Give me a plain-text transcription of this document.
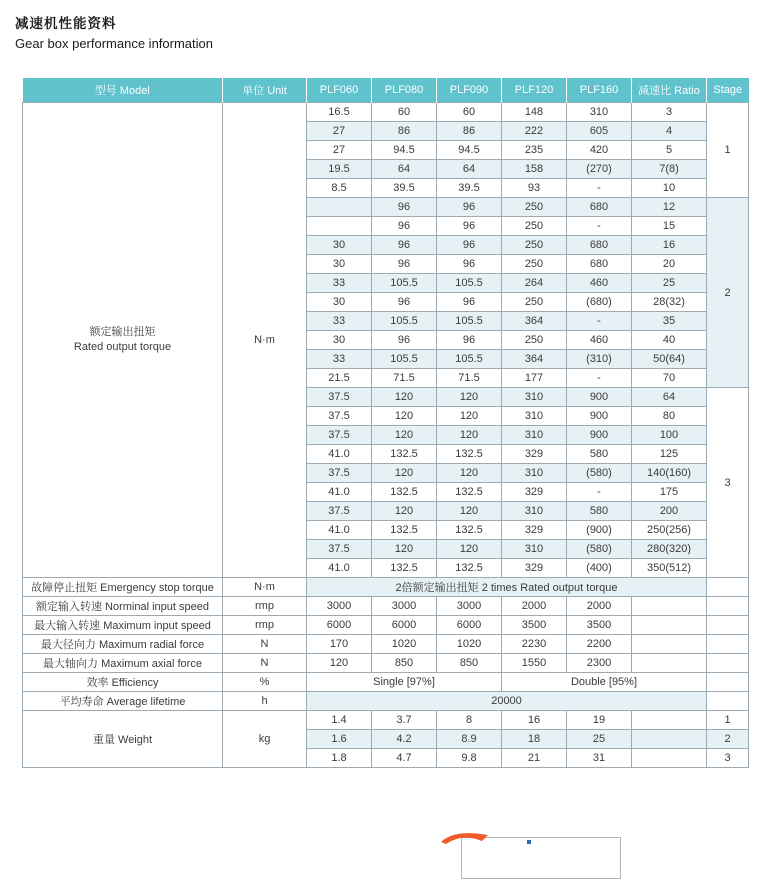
减速机性能资料
Gear box performance information
型号 Model	单位 Unit	PLF060	PLF080	PLF090	PLF120	PLF160	减速比 Ratio	Stage

额定输出扭矩
Rated output torque	N·m	16.5	60	60	148	310	3	1
		27	86	86	222	605	4	
		27	94.5	94.5	235	420	5	
		19.5	64	64	158	(270)	7(8)	
		8.5	39.5	39.5	93	-	10	
			96	96	250	680	12	2
			96	96	250	-	15	
		30	96	96	250	680	16	
		30	96	96	250	680	20	
		33	105.5	105.5	264	460	25	
		30	96	96	250	(680)	28(32)	
		33	105.5	105.5	364	-	35	
		30	96	96	250	460	40	
		33	105.5	105.5	364	(310)	50(64)	
		21.5	71.5	71.5	177	-	70	
		37.5	120	120	310	900	64	3
		37.5	120	120	310	900	80	
		37.5	120	120	310	900	100	
		41.0	132.5	132.5	329	580	125	
		37.5	120	120	310	(580)	140(160)	
		41.0	132.5	132.5	329	-	175	
		37.5	120	120	310	580	200	
		41.0	132.5	132.5	329	(900)	250(256)	
		37.5	120	120	310	(580)	280(320)	
		41.0	132.5	132.5	329	(400)	350(512)	
故障停止扭矩 Emergency stop torque	N·m	2倍额定输出扭矩 2 times Rated output torque						
额定输入转速 Norminal input speed	rmp	3000	3000	3000	2000	2000		
最大输入转速 Maximum input speed	rmp	6000	6000	6000	3500	3500		
最大径向力 Maximum radial force	N	170	1020	1020	2230	2200		
最大轴向力 Maximum axial force	N	120	850	850	1550	2300		
效率 Efficiency	%	Single [97%]			Double [95%]			
平均寿命 Average lifetime	h	20000						
重量 Weight	kg	1.4	3.7	8	16	19		1
		1.6	4.2	8.9	18	25		2
		1.8	4.7	9.8	21	31		3
